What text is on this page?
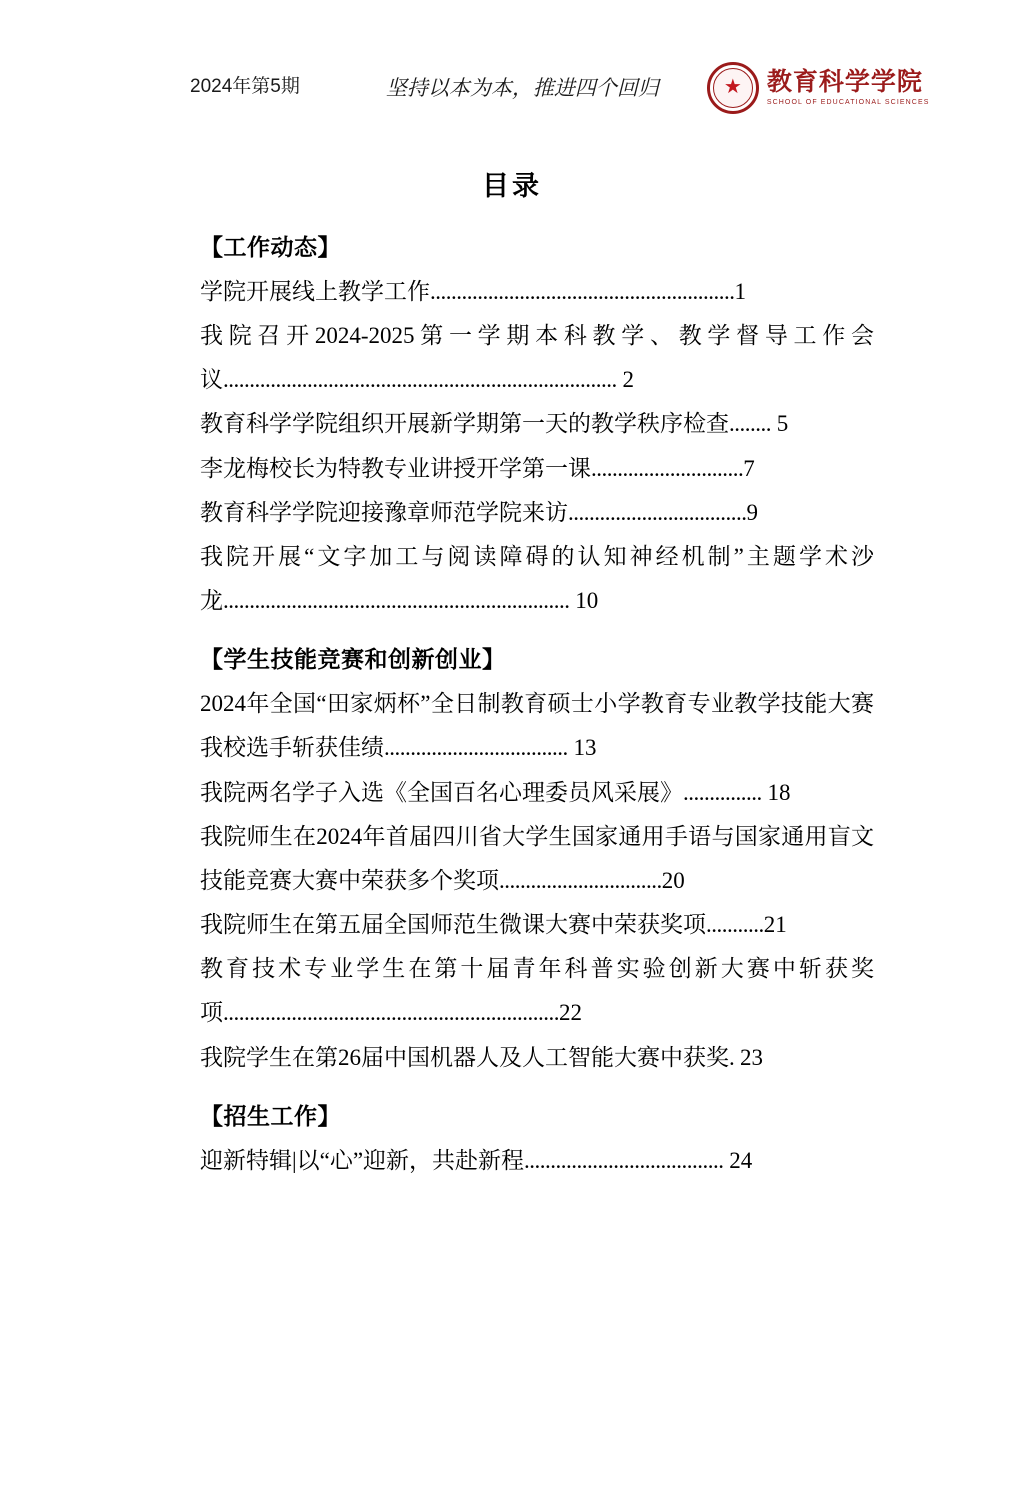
2024年第5期	坚持以本为本，推进四个回归	★ 教育科学学院
SCHOOL OF EDUCATIONAL SCIENCES
目录
【工作动态】
学院开展线上教学工作..........................................................1
我院召开2024-2025第一学期本科教学、教学督导工作会议........................................................................... 2
教育科学学院组织开展新学期第一天的教学秩序检查........ 5
李龙梅校长为特教专业讲授开学第一课.............................7
教育科学学院迎接豫章师范学院来访..................................9
我院开展“文字加工与阅读障碍的认知神经机制”主题学术沙龙.................................................................. 10
【学生技能竞赛和创新创业】
2024年全国“田家炳杯”全日制教育硕士小学教育专业教学技能大赛我校选手斩获佳绩................................... 13
我院两名学子入选《全国百名心理委员风采展》............... 18
我院师生在2024年首届四川省大学生国家通用手语与国家通用盲文技能竞赛大赛中荣获多个奖项...............................20
我院师生在第五届全国师范生微课大赛中荣获奖项...........21
教育技术专业学生在第十届青年科普实验创新大赛中斩获奖项................................................................22
我院学生在第26届中国机器人及人工智能大赛中获奖. 23
【招生工作】
迎新特辑|以“心”迎新，共赴新程...................................... 24
